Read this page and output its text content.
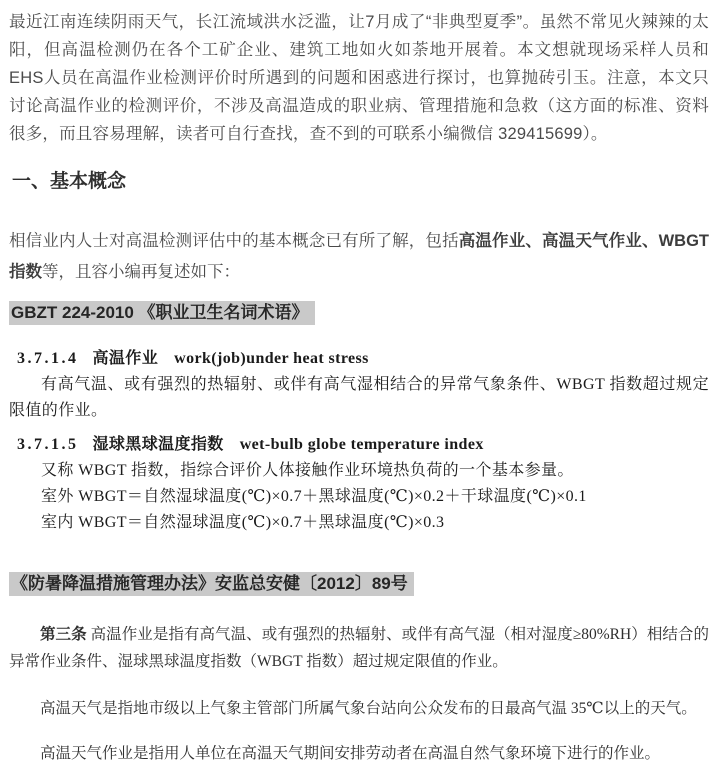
最近江南连续阴雨天气，长江流域洪水泛滥，让7月成了“非典型夏季”。虽然不常见火辣辣的太阳，但高温检测仍在各个工矿企业、建筑工地如火如荼地开展着。本文想就现场采样人员和EHS人员在高温作业检测评价时所遇到的问题和困惑进行探讨，也算抛砖引玉。注意，本文只讨论高温作业的检测评价，不涉及高温造成的职业病、管理措施和急救（这方面的标准、资料很多，而且容易理解，读者可自行查找，查不到的可联系小编微信 329415699）。

一、基本概念

相信业内人士对高温检测评估中的基本概念已有所了解，包括高温作业、高温天气作业、WBGT指数等，且容小编再复述如下：

GBZT 224-2010 《职业卫生名词术语》
3.7.1.4 高温作业 work(job)under heat stress

有高气温、或有强烈的热辐射、或伴有高气湿相结合的异常气象条件、WBGT 指数超过规定限值的作业。

3.7.1.5 湿球黑球温度指数 wet-bulb globe temperature index

又称 WBGT 指数，指综合评价人体接触作业环境热负荷的一个基本参量。

室外 WBGT＝自然湿球温度(℃)×0.7＋黑球温度(℃)×0.2＋干球温度(℃)×0.1

室内 WBGT＝自然湿球温度(℃)×0.7＋黑球温度(℃)×0.3

《防暑降温措施管理办法》安监总安健〔2012〕89号

第三条 高温作业是指有高气温、或有强烈的热辐射、或伴有高气湿（相对湿度≥80%RH）相结合的异常作业条件、湿球黑球温度指数（WBGT 指数）超过规定限值的作业。

高温天气是指地市级以上气象主管部门所属气象台站向公众发布的日最高气温 35℃以上的天气。

高温天气作业是指用人单位在高温天气期间安排劳动者在高温自然气象环境下进行的作业。
